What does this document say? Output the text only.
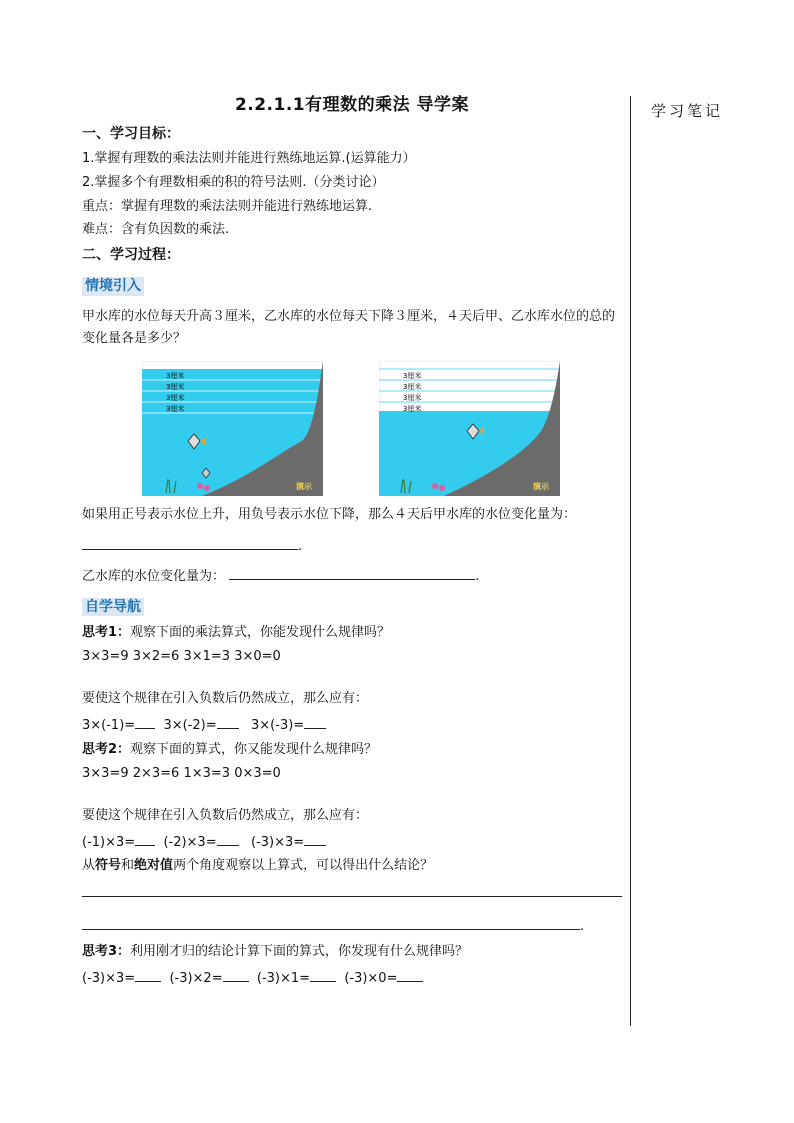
学习笔记
2.2.1.1有理数的乘法 导学案
一、学习目标：

1.掌握有理数的乘法法则并能进行熟练地运算.(运算能力）

2.掌握多个有理数相乘的积的符号法则.（分类讨论）

重点：掌握有理数的乘法法则并能进行熟练地运算.

难点：含有负因数的乘法.

二、学习过程：
情境引入

甲水库的水位每天升高３厘米，乙水库的水位每天下降３厘米，４天后甲、乙水库水位的总的变化量各是多少？

3厘米
3厘米
3厘米
3厘米
演示
3厘米
3厘米
3厘米
3厘米
演示

如果用正号表示水位上升，用负号表示水位下降，那么４天后甲水库的水位变化量为：

.

乙水库的水位变化量为：	.

自学导航

思考1：观察下面的乘法算式，你能发现什么规律吗？

3×3=9 3×2=6 3×1=3 3×0=0

要使这个规律在引入负数后仍然成立，那么应有：

3×(-1)= 3×(-2)=	3×(-3)=

思考2：观察下面的算式，你又能发现什么规律吗？

3×3=9 2×3=6 1×3=3 0×3=0

要使这个规律在引入负数后仍然成立，那么应有：

(-1)×3= (-2)×3=	(-3)×3=

从符号和绝对值两个角度观察以上算式，可以得出什么结论？

.

思考3：利用刚才归的结论计算下面的算式，你发现有什么规律吗？

(-3)×3=	(-3)×2=	(-3)×1=	(-3)×0=
